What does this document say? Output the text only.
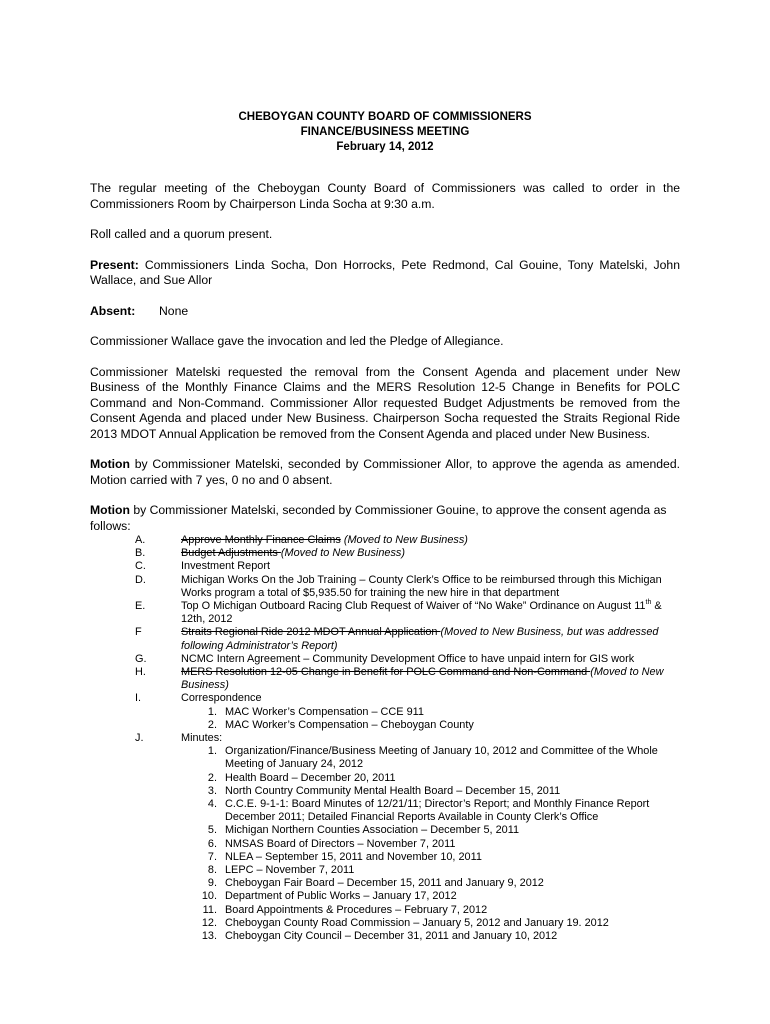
CHEBOYGAN COUNTY BOARD OF COMMISSIONERS

FINANCE/BUSINESS MEETING

February 14, 2012

The regular meeting of the Cheboygan County Board of Commissioners was called to order in the Commissioners Room by Chairperson Linda Socha at 9:30 a.m.

Roll called and a quorum present.

Present: Commissioners Linda Socha, Don Horrocks, Pete Redmond, Cal Gouine, Tony Matelski, John Wallace, and Sue Allor

Absent:	None

Commissioner Wallace gave the invocation and led the Pledge of Allegiance.

Commissioner Matelski requested the removal from the Consent Agenda and placement under New Business of the Monthly Finance Claims and the MERS Resolution 12-5 Change in Benefits for POLC Command and Non-Command. Commissioner Allor requested Budget Adjustments be removed from the Consent Agenda and placed under New Business. Chairperson Socha requested the Straits Regional Ride 2013 MDOT Annual Application be removed from the Consent Agenda and placed under New Business.

Motion by Commissioner Matelski, seconded by Commissioner Allor, to approve the agenda as amended. Motion carried with 7 yes, 0 no and 0 absent.

Motion by Commissioner Matelski, seconded by Commissioner Gouine, to approve the consent agenda as follows:

A.	Approve Monthly Finance Claims (Moved to New Business)
B.	Budget Adjustments (Moved to New Business)
C.	Investment Report
D.	Michigan Works On the Job Training – County Clerk’s Office to be reimbursed through this Michigan Works program a total of $5,935.50 for training the new hire in that department
E.	Top O Michigan Outboard Racing Club Request of Waiver of “No Wake” Ordinance on August 11th & 12th, 2012
F	Straits Regional Ride 2012 MDOT Annual Application (Moved to New Business, but was addressed following Administrator’s Report)
G.	NCMC Intern Agreement – Community Development Office to have unpaid intern for GIS work
H.	MERS Resolution 12-05 Change in Benefit for POLC Command and Non-Command (Moved to New Business)
I.	Correspondence
1. MAC Worker’s Compensation – CCE 911
2. MAC Worker’s Compensation – Cheboygan County
J.	Minutes:
1. Organization/Finance/Business Meeting of January 10, 2012 and Committee of the Whole Meeting of January 24, 2012
2. Health Board – December 20, 2011
3. North Country Community Mental Health Board – December 15, 2011
4. C.C.E. 9-1-1: Board Minutes of 12/21/11; Director’s Report; and Monthly Finance Report December 2011; Detailed Financial Reports Available in County Clerk’s Office
5. Michigan Northern Counties Association – December 5, 2011
6. NMSAS Board of Directors – November 7, 2011
7. NLEA – September 15, 2011 and November 10, 2011
8. LEPC – November 7, 2011
9. Cheboygan Fair Board – December 15, 2011 and January 9, 2012
10. Department of Public Works – January 17, 2012
11. Board Appointments & Procedures – February 7, 2012
12. Cheboygan County Road Commission – January 5, 2012 and January 19. 2012
13. Cheboygan City Council – December 31, 2011 and January 10, 2012
